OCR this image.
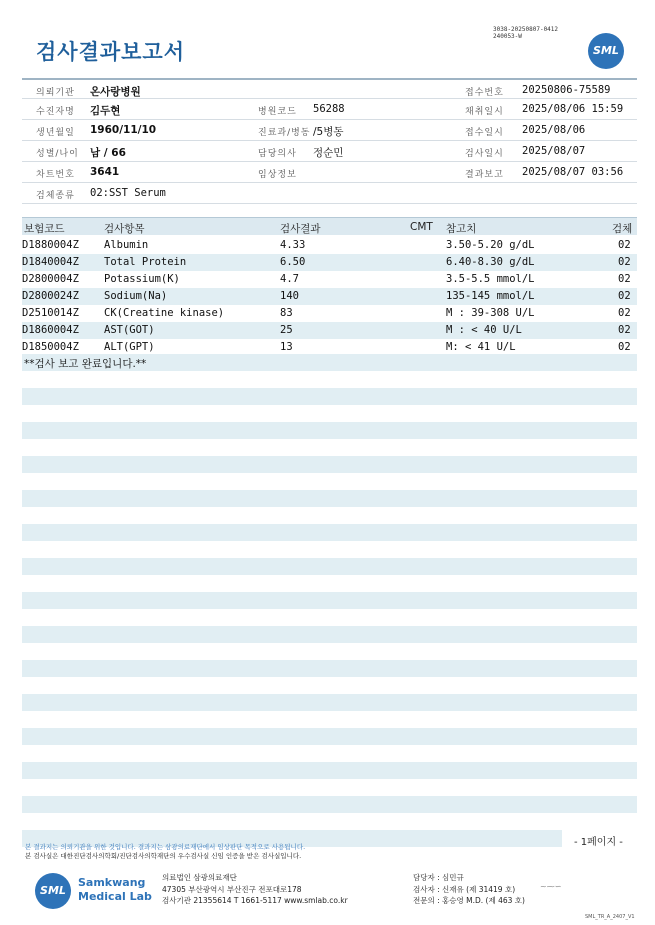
검사결과보고서
3038-20250807-0412
240053-W
SML
의뢰기관 온사랑병원	접수번호 20250806-75589
수진자명 김두현	병원코드 56288	채취일시 2025/08/06 15:59
생년월일 1960/11/10	진료과/병동 /5병동	접수일시 2025/08/06
성별/나이 남 / 66	담당의사 정순민	검사일시 2025/08/07
차트번호 3641	임상정보	결과보고 2025/08/07 03:56
검체종류 02:SST Serum
보험코드	검사항목	검사결과	CMT 참고치	검체
D1880004Z Albumin	4.33	3.50-5.20 g/dL	02
D1840004Z Total Protein	6.50	6.40-8.30 g/dL	02
D2800004Z Potassium(K)	4.7	3.5-5.5 mmol/L	02
D2800024Z Sodium(Na)	140	135-145 mmol/L	02
D2510014Z CK(Creatine kinase)	83	M : 39-308 U/L	02
D1860004Z AST(GOT)	25	M : < 40 U/L	02
D1850004Z ALT(GPT)	13	M: < 41 U/L	02
**검사 보고 완료입니다.**
- 1페이지 -
본 결과지는 의뢰기관을 위한 것입니다. 결과지는 삼광의료재단에서 임상판단 목적으로 사용됩니다.
본 검사실은 대한진단검사의학회/진단검사의학재단의 우수검사실 신임 인증을 받은 검사실입니다.
SML
Samkwang
Medical Lab
의료법인 삼광의료재단
47305 부산광역시 부산진구 전포대로178
검사기관 21355614 T 1661-5117 www.smlab.co.kr
담당자 : 심민규
검사자 : 신재유 (제 31419 호)
전문의 : 홍승영 M.D. (제 463 호)
~⁓∽
SML_TR_A_2407_V1
